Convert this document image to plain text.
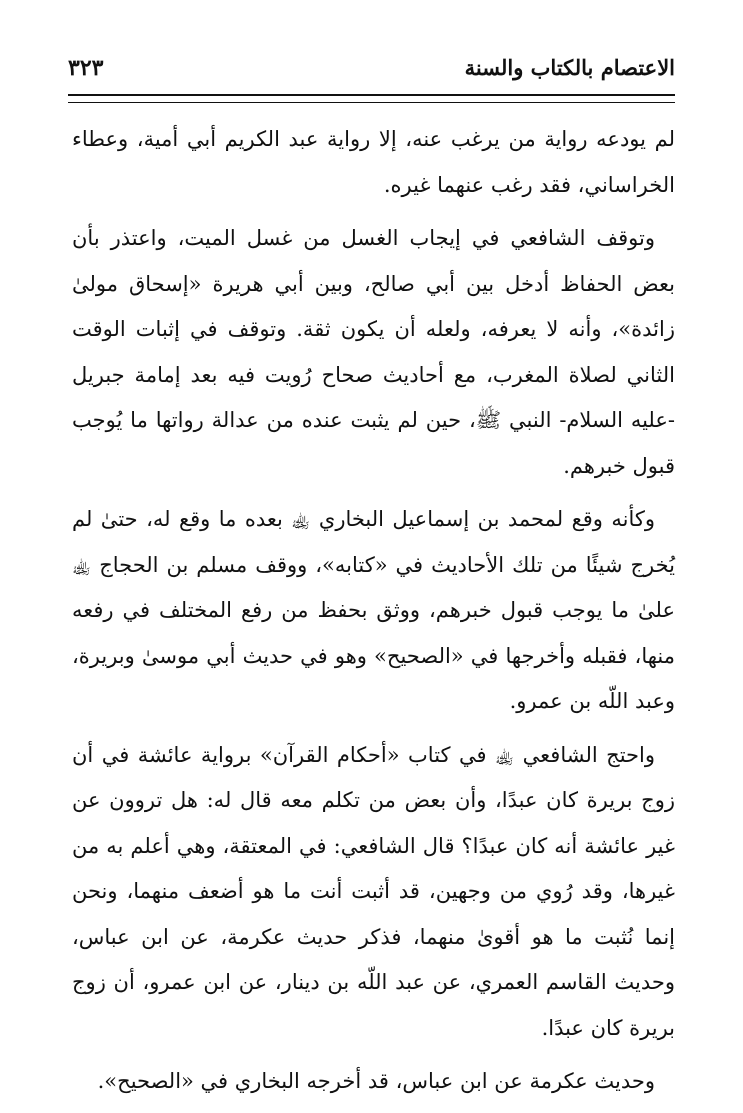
الاعتصام بالكتاب والسنة
٣٢٣

لم يودعه رواية من يرغب عنه، إلا رواية عبد الكريم أبي أمية، وعطاء الخراساني، فقد رغب عنهما غيره.

وتوقف الشافعي في إيجاب الغسل من غسل الميت، واعتذر بأن بعض الحفاظ أدخل بين أبي صالح، وبين أبي هريرة «إسحاق مولىٰ زائدة»، وأنه لا يعرفه، ولعله أن يكون ثقة. وتوقف في إثبات الوقت الثاني لصلاة المغرب، مع أحاديث صحاح رُويت فيه بعد إمامة جبريل -عليه السلام- النبي ﷺ، حين لم يثبت عنده من عدالة رواتها ما يُوجب قبول خبرهم.

وكأنه وقع لمحمد بن إسماعيل البخاري ﵀ بعده ما وقع له، حتىٰ لم يُخرج شيئًا من تلك الأحاديث في «كتابه»، ووقف مسلم بن الحجاج ﵀ علىٰ ما يوجب قبول خبرهم، ووثق بحفظ من رفع المختلف في رفعه منها، فقبله وأخرجها في «الصحيح» وهو في حديث أبي موسىٰ وبريرة، وعبد اللّه بن عمرو.

واحتج الشافعي ﵀ في كتاب «أحكام القرآن» برواية عائشة في أن زوج بريرة كان عبدًا، وأن بعض من تكلم معه قال له: هل تروون عن غير عائشة أنه كان عبدًا؟ قال الشافعي: في المعتقة، وهي أعلم به من غيرها، وقد رُوي من وجهين، قد أثبت أنت ما هو أضعف منهما، ونحن إنما نُثبت ما هو أقوىٰ منهما، فذكر حديث عكرمة، عن ابن عباس، وحديث القاسم العمري، عن عبد اللّه بن دينار، عن ابن عمرو، أن زوج بريرة كان عبدًا.

وحديث عكرمة عن ابن عباس، قد أخرجه البخاري في «الصحيح».
